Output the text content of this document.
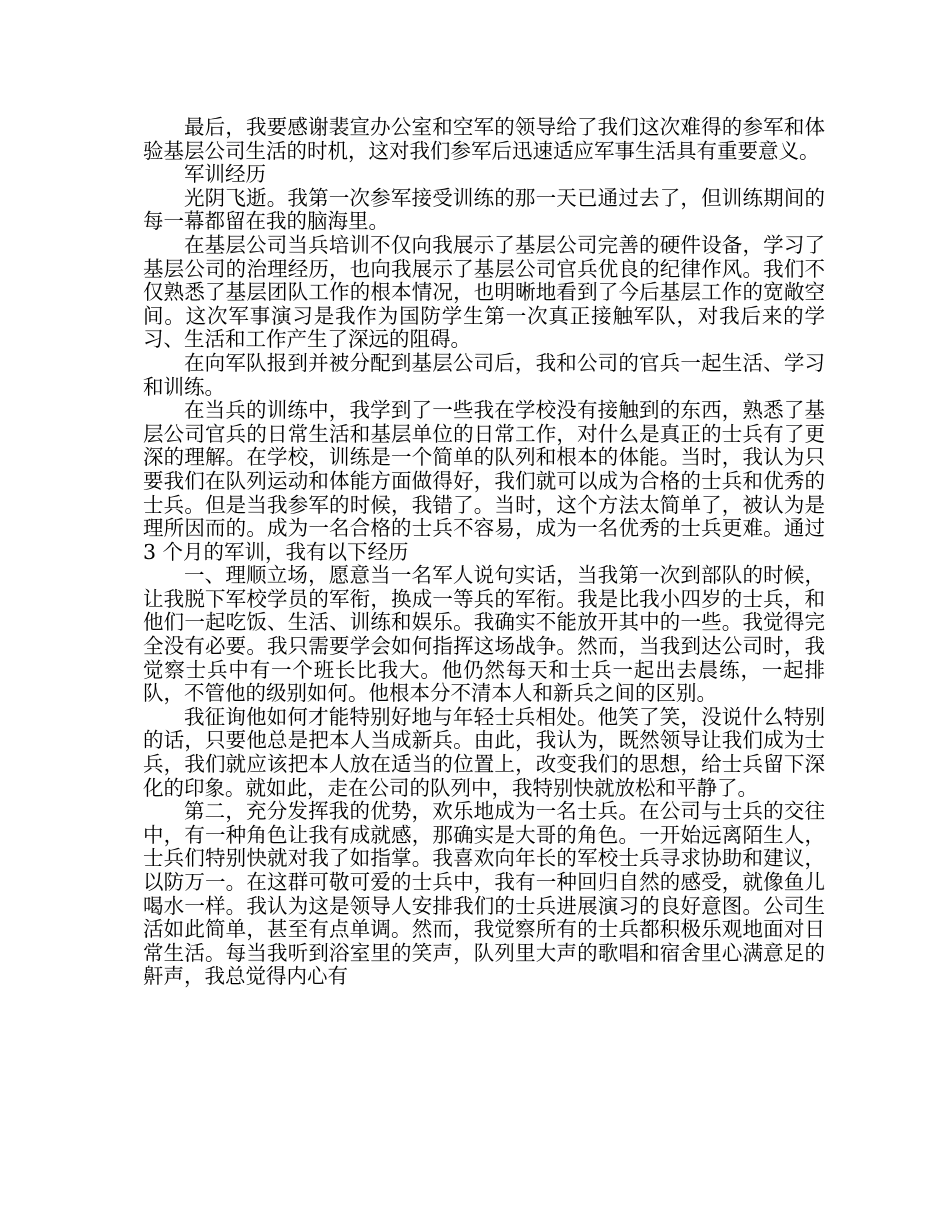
最后，我要感谢裴宣办公室和空军的领导给了我们这次难得的参军和体验基层公司生活的时机，这对我们参军后迅速适应军事生活具有重要意义。

军训经历

光阴飞逝。我第一次参军接受训练的那一天已通过去了，但训练期间的每一幕都留在我的脑海里。

在基层公司当兵培训不仅向我展示了基层公司完善的硬件设备，学习了基层公司的治理经历，也向我展示了基层公司官兵优良的纪律作风。我们不仅熟悉了基层团队工作的根本情况，也明晰地看到了今后基层工作的宽敞空间。这次军事演习是我作为国防学生第一次真正接触军队，对我后来的学习、生活和工作产生了深远的阻碍。

在向军队报到并被分配到基层公司后，我和公司的官兵一起生活、学习和训练。

在当兵的训练中，我学到了一些我在学校没有接触到的东西，熟悉了基层公司官兵的日常生活和基层单位的日常工作，对什么是真正的士兵有了更深的理解。在学校，训练是一个简单的队列和根本的体能。当时，我认为只要我们在队列运动和体能方面做得好，我们就可以成为合格的士兵和优秀的士兵。但是当我参军的时候，我错了。当时，这个方法太简单了，被认为是理所因而的。成为一名合格的士兵不容易，成为一名优秀的士兵更难。通过 3 个月的军训，我有以下经历

一、理顺立场，愿意当一名军人说句实话，当我第一次到部队的时候，让我脱下军校学员的军衔，换成一等兵的军衔。我是比我小四岁的士兵，和他们一起吃饭、生活、训练和娱乐。我确实不能放开其中的一些。我觉得完全没有必要。我只需要学会如何指挥这场战争。然而，当我到达公司时，我觉察士兵中有一个班长比我大。他仍然每天和士兵一起出去晨练，一起排队，不管他的级别如何。他根本分不清本人和新兵之间的区别。

我征询他如何才能特别好地与年轻士兵相处。他笑了笑，没说什么特别的话，只要他总是把本人当成新兵。由此，我认为，既然领导让我们成为士兵，我们就应该把本人放在适当的位置上，改变我们的思想，给士兵留下深化的印象。就如此，走在公司的队列中，我特别快就放松和平静了。

第二，充分发挥我的优势，欢乐地成为一名士兵。在公司与士兵的交往中，有一种角色让我有成就感，那确实是大哥的角色。一开始远离陌生人，士兵们特别快就对我了如指掌。我喜欢向年长的军校士兵寻求协助和建议，以防万一。在这群可敬可爱的士兵中，我有一种回归自然的感受，就像鱼儿喝水一样。我认为这是领导人安排我们的士兵进展演习的良好意图。公司生活如此简单，甚至有点单调。然而，我觉察所有的士兵都积极乐观地面对日常生活。每当我听到浴室里的笑声，队列里大声的歌唱和宿舍里心满意足的鼾声，我总觉得内心有
